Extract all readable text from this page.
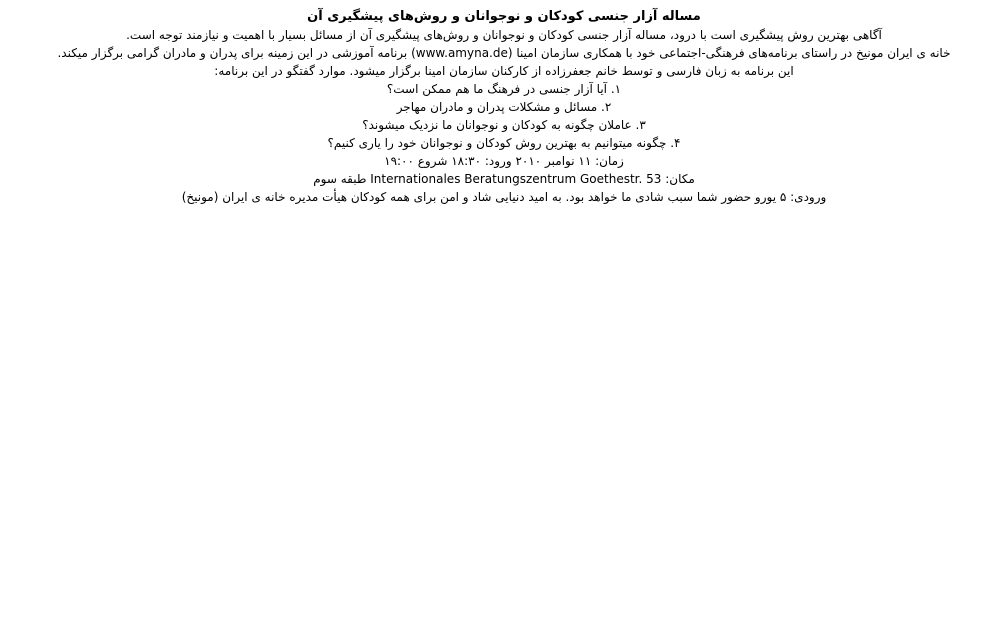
مساله آزار جنسی کودکان و نوجوانان و روش‌های پیشگیری آن

آگاهی بهترین روش پیشگیری است با درود، مساله آزار جنسی کودکان و نوجوانان و روش‌های پیشگیری آن از مسائل بسیار با اهمیت و نیازمند توجه است.

خانه ی ایران مونیخ در راستای برنامه‌های فرهنگی-اجتماعی خود با همکاری سازمان امینا (www.amyna.de) برنامه آموزشی در این زمینه برای پدران و مادران گرامی برگزار میکند.

این برنامه به زبان فارسی و توسط خانم جعفرزاده از کارکنان سازمان امینا برگزار میشود. موارد گفتگو در این برنامه:

۱. آیا آزار جنسی در فرهنگ ما هم ممکن است؟

۲. مسائل و مشکلات پدران و مادران مهاجر

۳. عاملان چگونه به کودکان و نوجوانان ما نزدیک میشوند؟

۴. چگونه میتوانیم به بهترین روش کودکان و نوجوانان خود را یاری کنیم؟

زمان: ۱۱ نوامبر ۲۰۱۰ ورود: ۱۸:۳۰ شروع ۱۹:۰۰

مکان: Internationales Beratungszentrum Goethestr. 53 طبقه سوم

ورودی: ۵ یورو حضور شما سبب شادی ما خواهد بود. به امید دنیایی شاد و امن برای همه کودکان هیأت مدیره خانه ی ایران (مونیخ)
